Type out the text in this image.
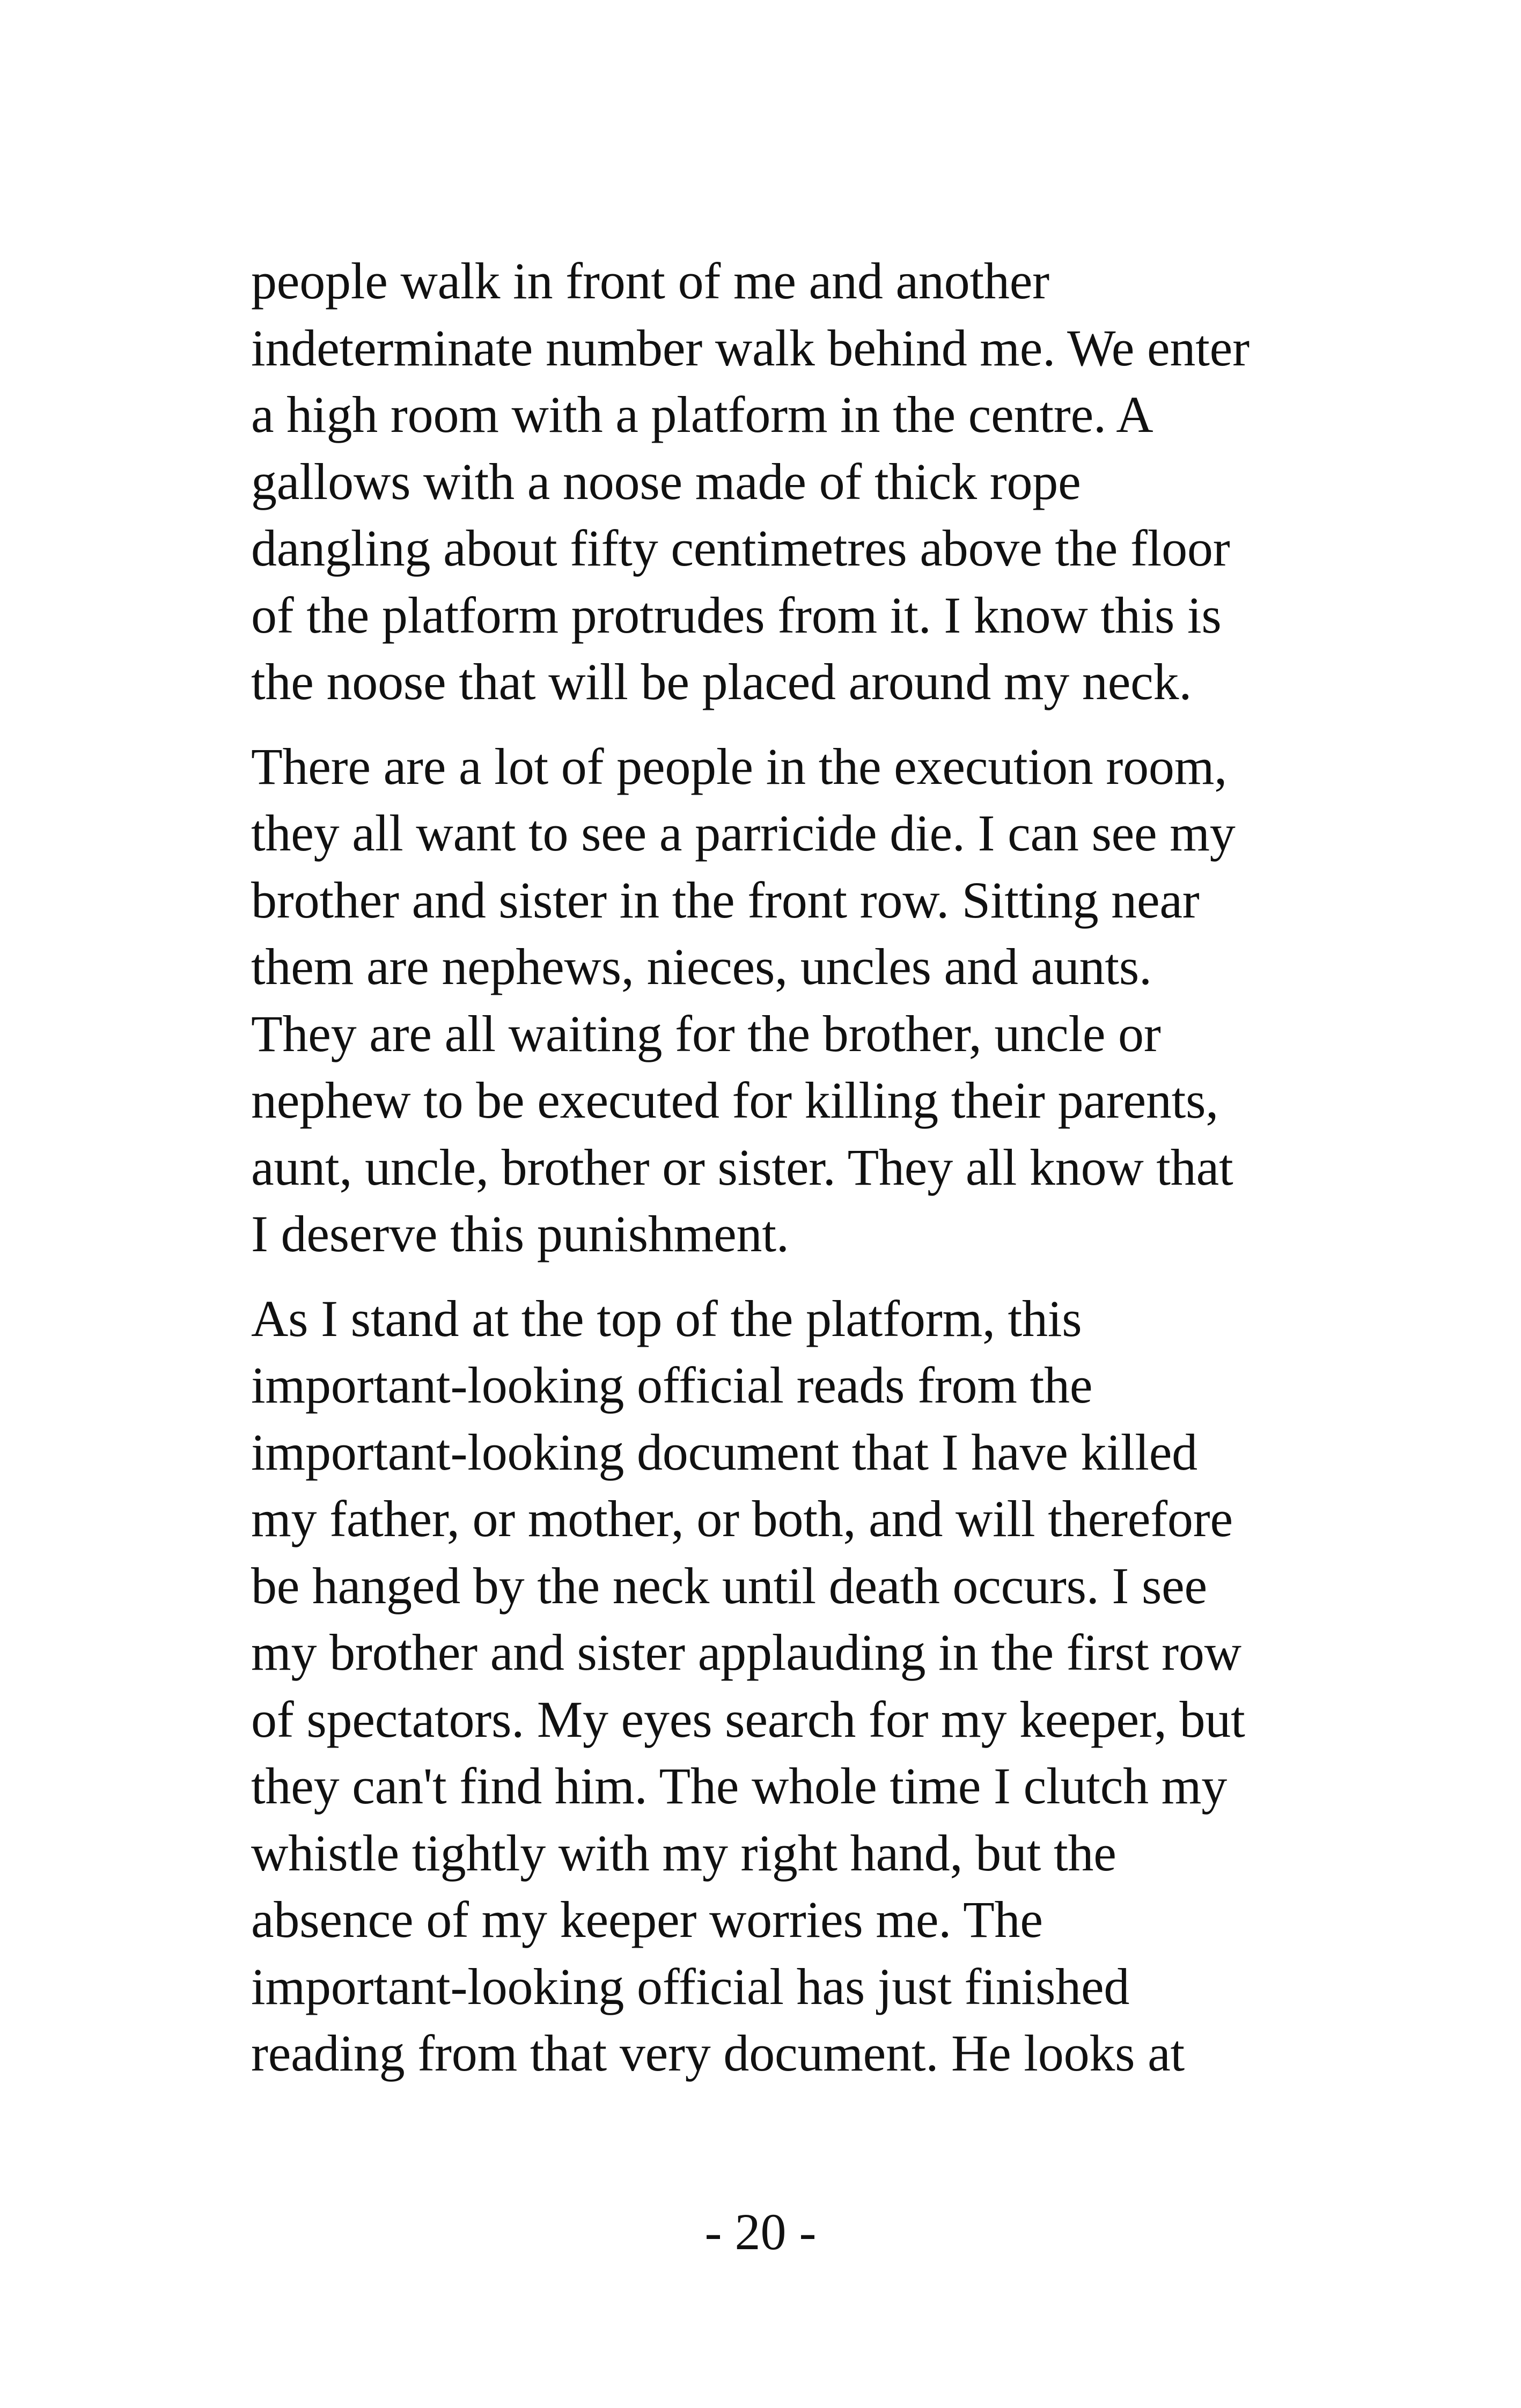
people walk in front of me and another
indeterminate number walk behind me. We enter
a high room with a platform in the centre. A
gallows with a noose made of thick rope
dangling about fifty centimetres above the floor
of the platform protrudes from it. I know this is
the noose that will be placed around my neck.

There are a lot of people in the execution room,
they all want to see a parricide die. I can see my
brother and sister in the front row. Sitting near
them are nephews, nieces, uncles and aunts.
They are all waiting for the brother, uncle or
nephew to be executed for killing their parents,
aunt, uncle, brother or sister. They all know that
I deserve this punishment.

As I stand at the top of the platform, this
important-looking official reads from the
important-looking document that I have killed
my father, or mother, or both, and will therefore
be hanged by the neck until death occurs. I see
my brother and sister applauding in the first row
of spectators. My eyes search for my keeper, but
they can't find him. The whole time I clutch my
whistle tightly with my right hand, but the
absence of my keeper worries me. The
important-looking official has just finished
reading from that very document. He looks at

- 20 -
